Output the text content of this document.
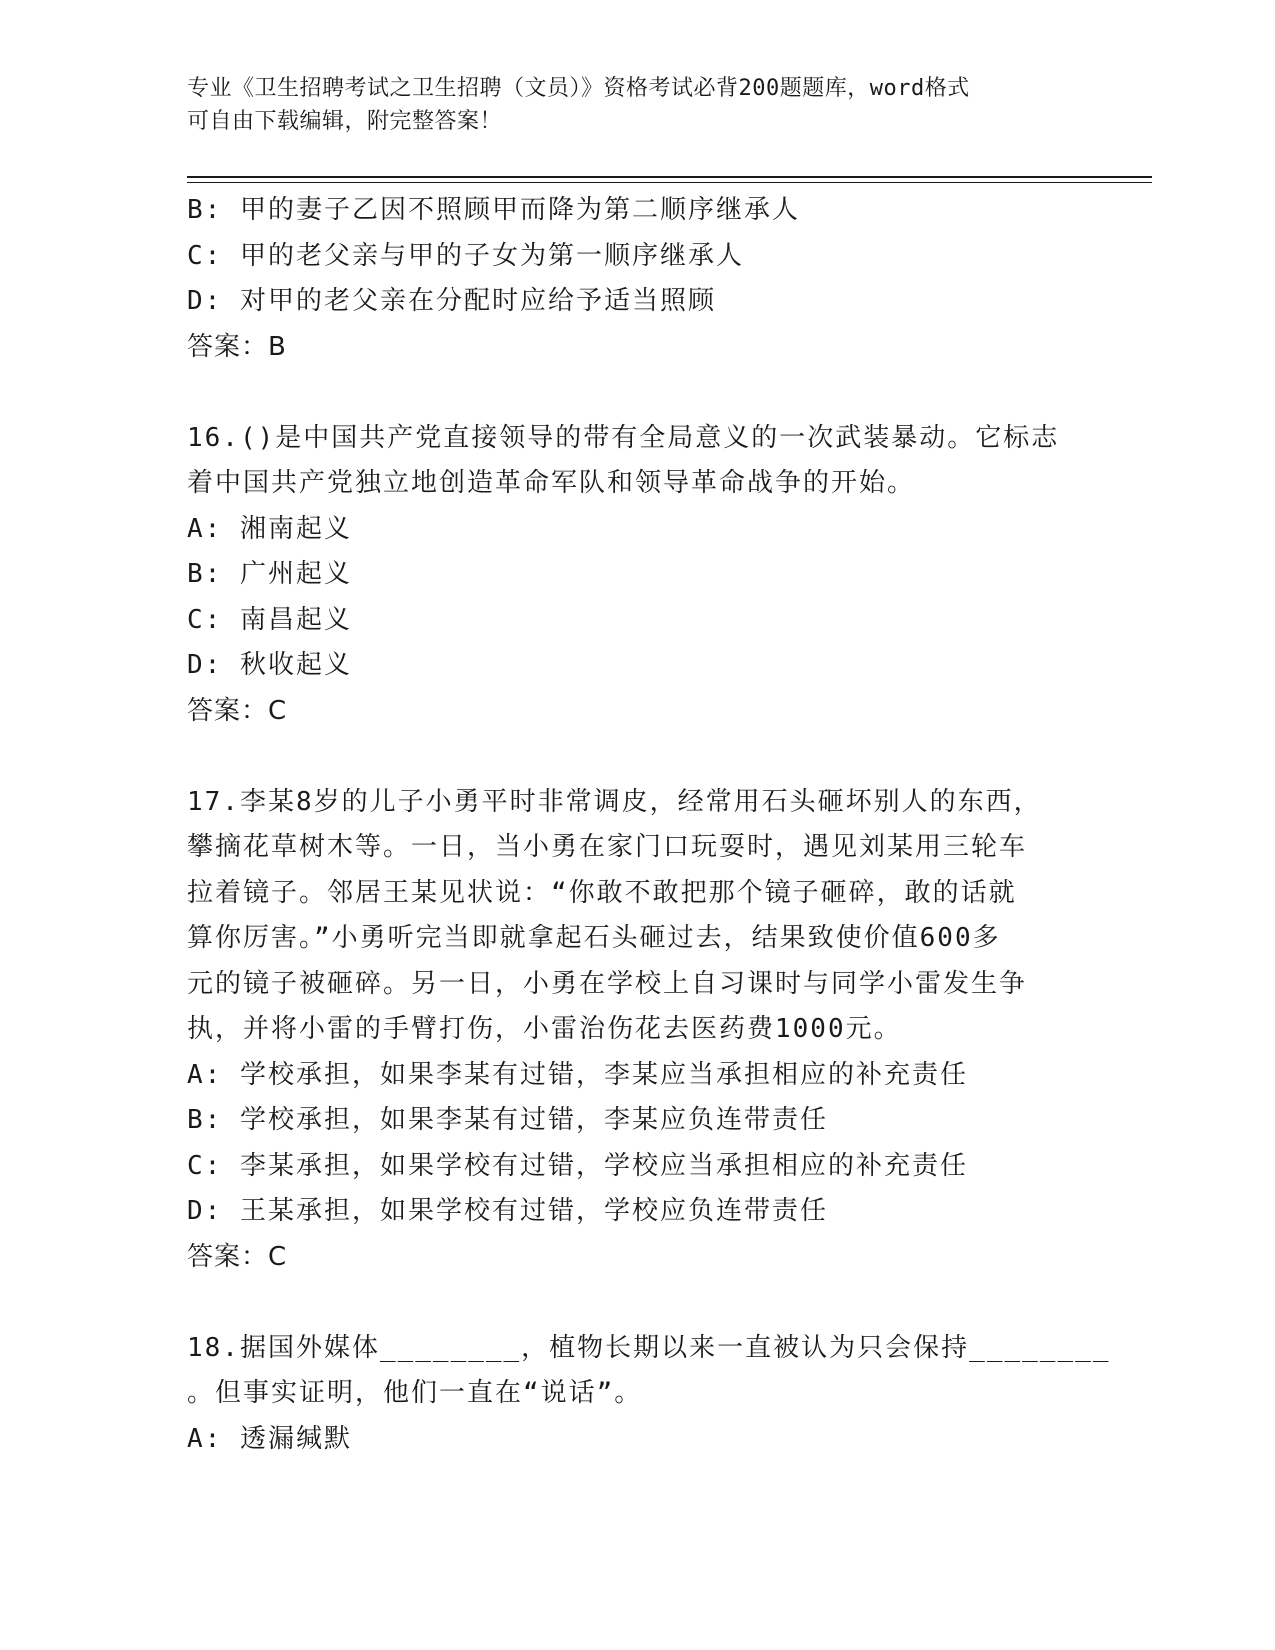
专业《卫生招聘考试之卫生招聘（文员）》资格考试必背200题题库，word格式
可自由下载编辑，附完整答案！
B: 甲的妻子乙因不照顾甲而降为第二顺序继承人
C: 甲的老父亲与甲的子女为第一顺序继承人
D: 对甲的老父亲在分配时应给予适当照顾
答案：B
16.()是中国共产党直接领导的带有全局意义的一次武装暴动。它标志
着中国共产党独立地创造革命军队和领导革命战争的开始。
A: 湘南起义
B: 广州起义
C: 南昌起义
D: 秋收起义
答案：C
17.李某8岁的儿子小勇平时非常调皮，经常用石头砸坏别人的东西，
攀摘花草树木等。一日，当小勇在家门口玩耍时，遇见刘某用三轮车
拉着镜子。邻居王某见状说：“你敢不敢把那个镜子砸碎，敢的话就
算你厉害。”小勇听完当即就拿起石头砸过去，结果致使价值600多
元的镜子被砸碎。另一日，小勇在学校上自习课时与同学小雷发生争
执，并将小雷的手臂打伤，小雷治伤花去医药费1000元。
A: 学校承担，如果李某有过错，李某应当承担相应的补充责任
B: 学校承担，如果李某有过错，李某应负连带责任
C: 李某承担，如果学校有过错，学校应当承担相应的补充责任
D: 王某承担，如果学校有过错，学校应负连带责任
答案：C
18.据国外媒体________，植物长期以来一直被认为只会保持________
。但事实证明，他们一直在“说话”。
A: 透漏缄默
